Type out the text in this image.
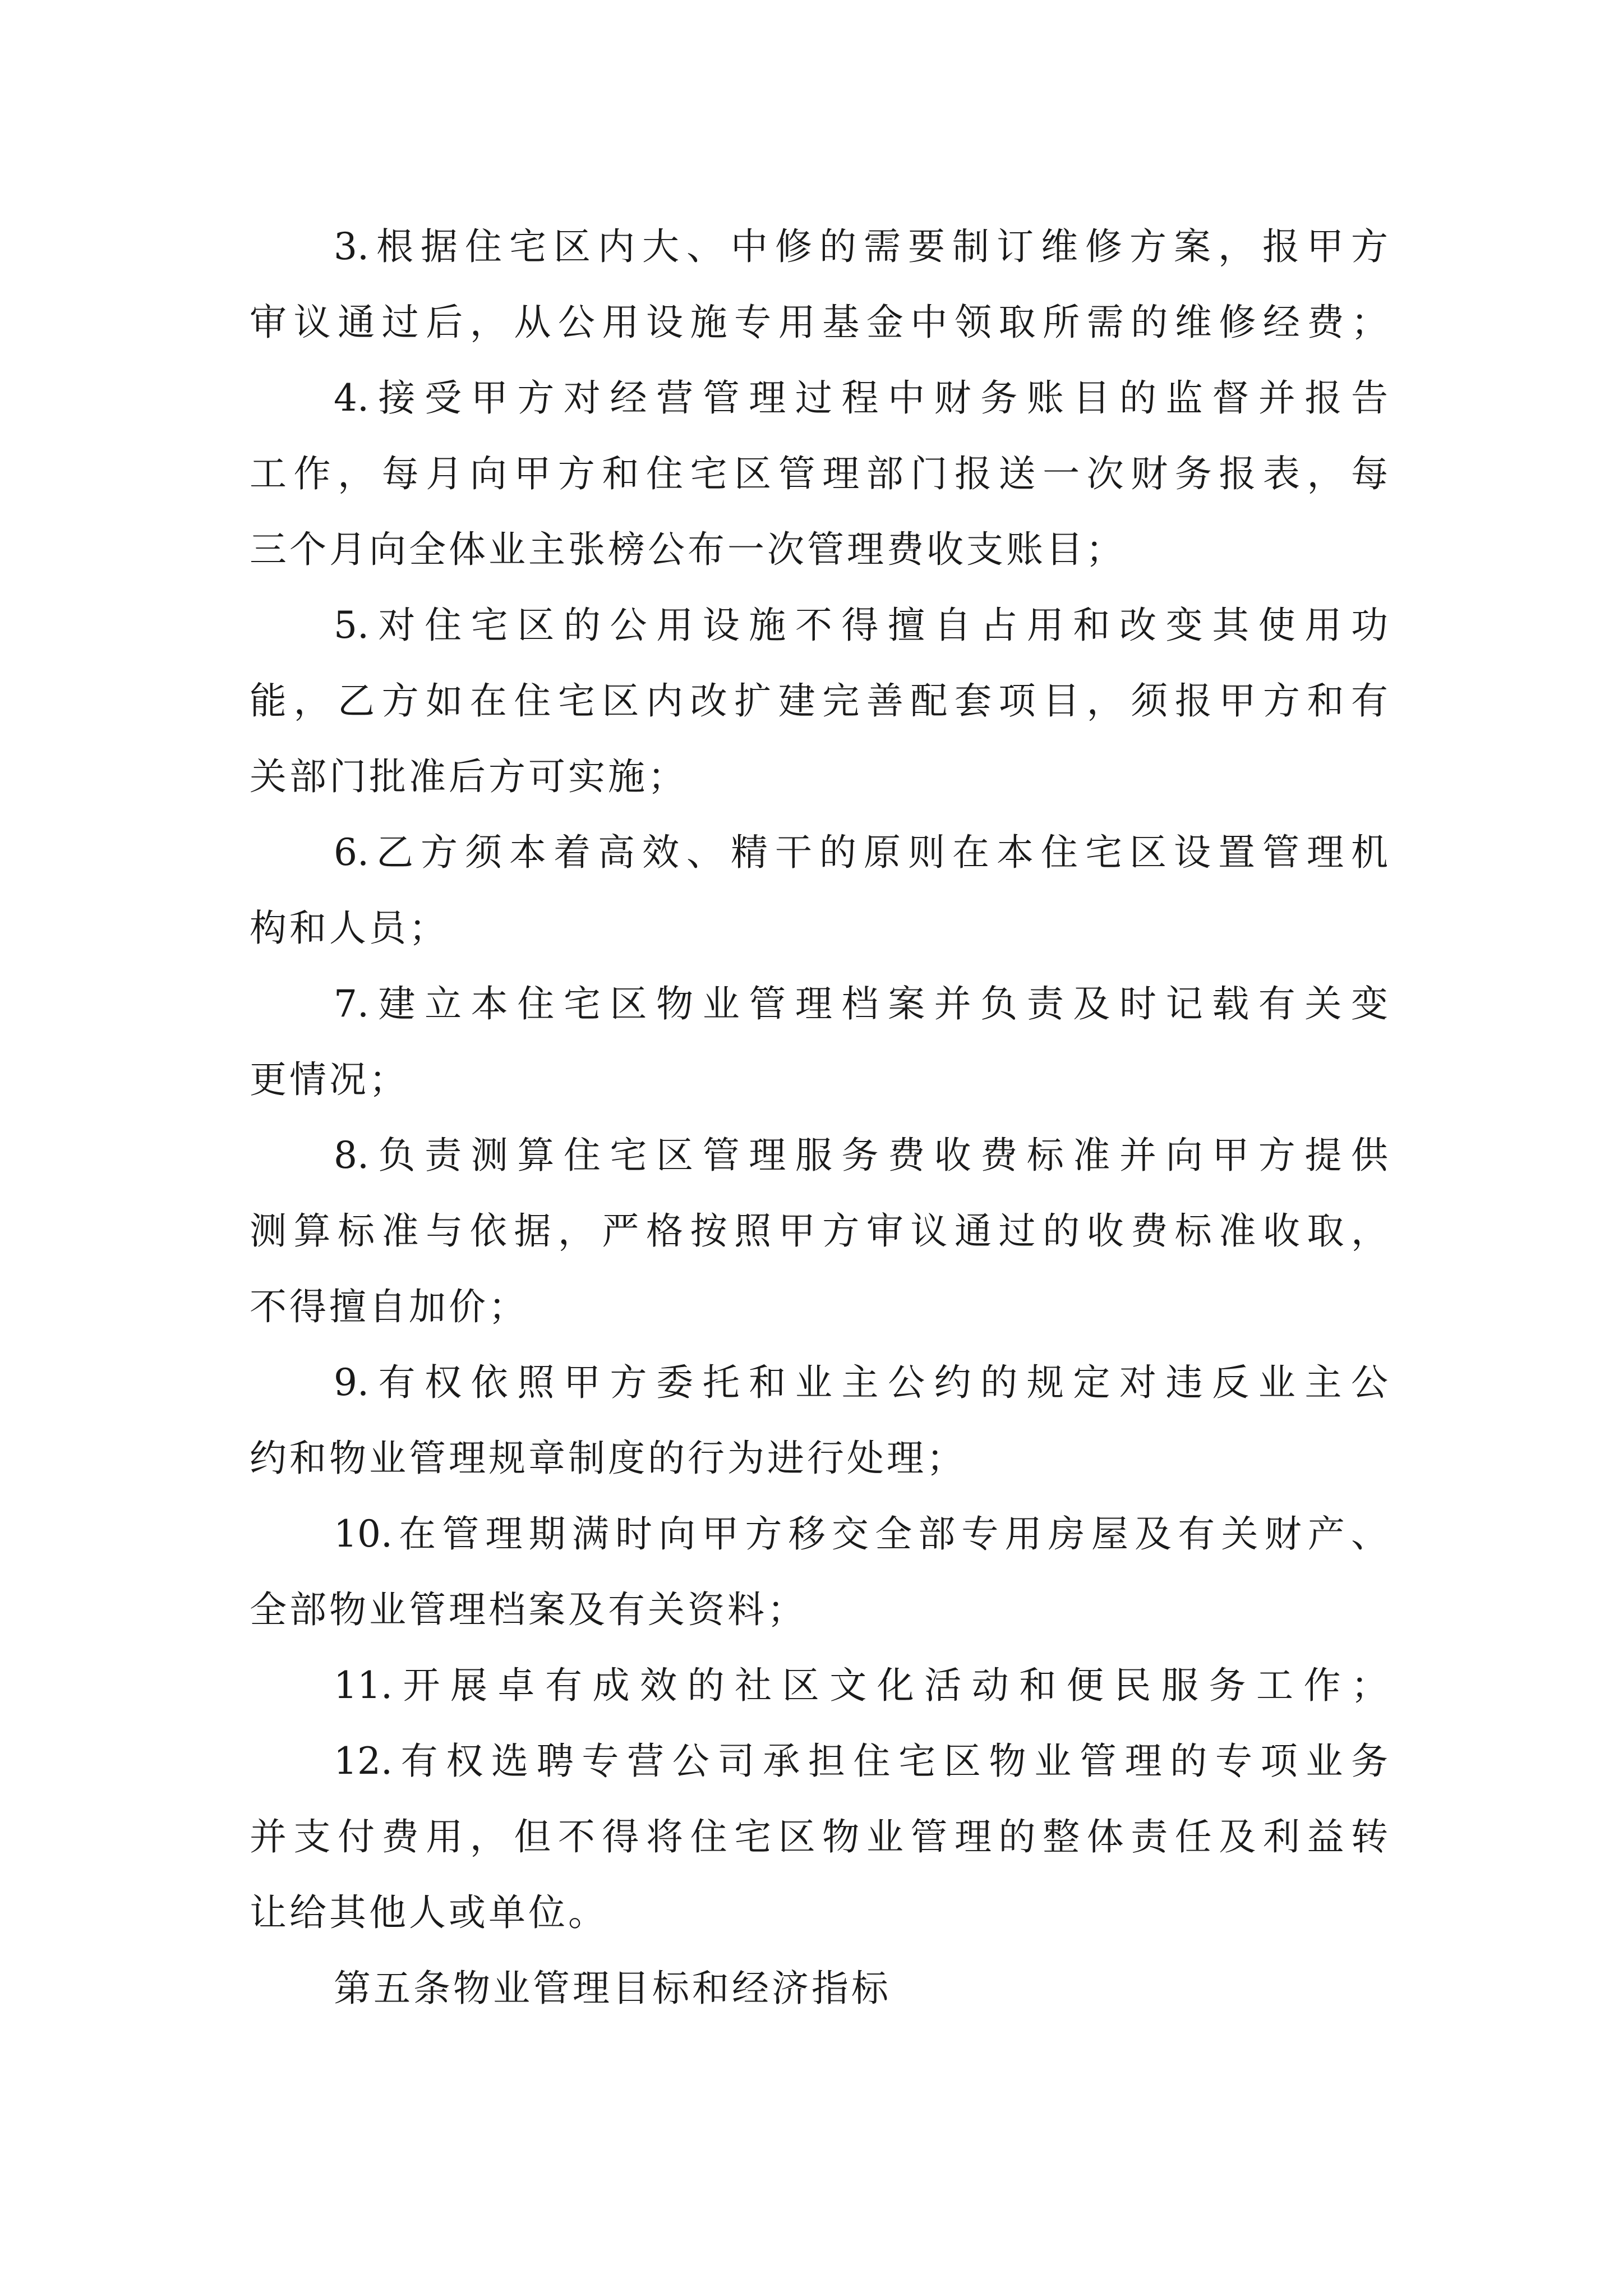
3.根据住宅区内大、中修的需要制订维修方案，报甲方
审议通过后，从公用设施专用基金中领取所需的维修经费；
4.接受甲方对经营管理过程中财务账目的监督并报告
工作，每月向甲方和住宅区管理部门报送一次财务报表，每
三个月向全体业主张榜公布一次管理费收支账目；
5.对住宅区的公用设施不得擅自占用和改变其使用功
能，乙方如在住宅区内改扩建完善配套项目，须报甲方和有
关部门批准后方可实施；
6.乙方须本着高效、精干的原则在本住宅区设置管理机
构和人员；
7.建立本住宅区物业管理档案并负责及时记载有关变
更情况；
8.负责测算住宅区管理服务费收费标准并向甲方提供
测算标准与依据，严格按照甲方审议通过的收费标准收取，
不得擅自加价；
9.有权依照甲方委托和业主公约的规定对违反业主公
约和物业管理规章制度的行为进行处理；
10.在管理期满时向甲方移交全部专用房屋及有关财产、
全部物业管理档案及有关资料；
11.开展卓有成效的社区文化活动和便民服务工作；
12.有权选聘专营公司承担住宅区物业管理的专项业务
并支付费用，但不得将住宅区物业管理的整体责任及利益转
让给其他人或单位。
第五条物业管理目标和经济指标
